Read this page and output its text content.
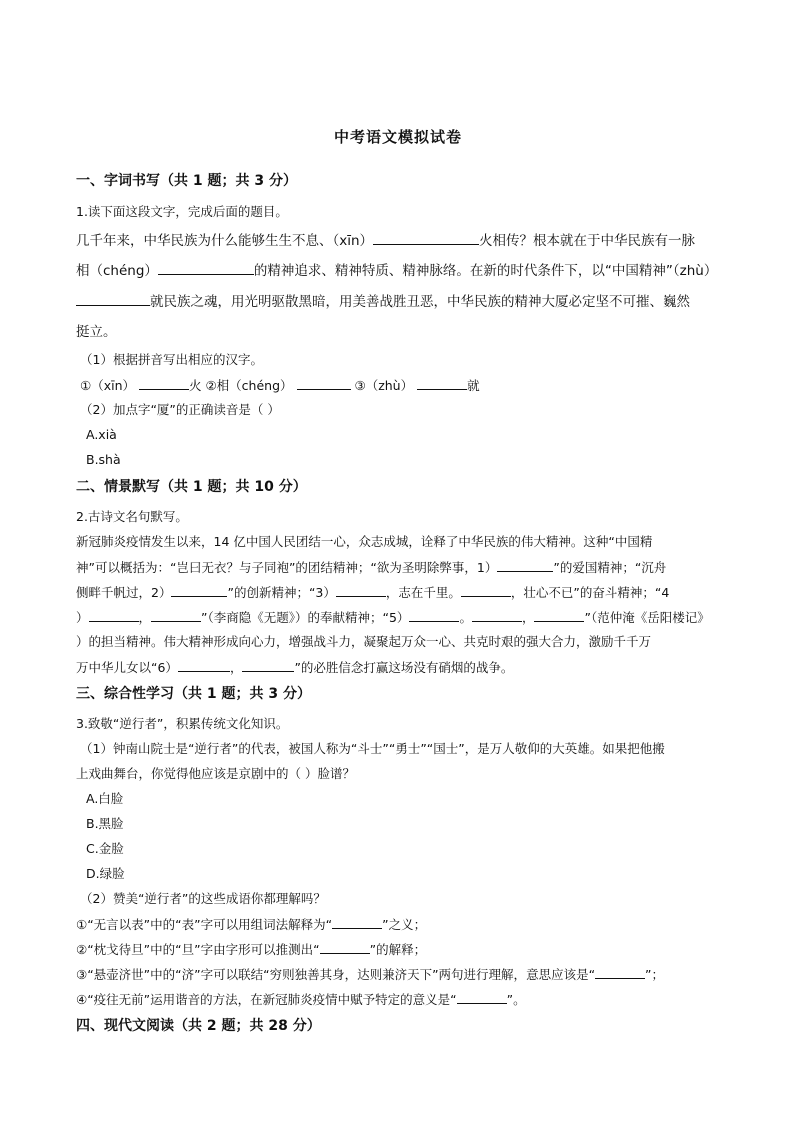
中考语文模拟试卷
一、字词书写（共 1 题；共 3 分）
1.读下面这段文字，完成后面的题目。
几千年来，中华民族为什么能够生生不息、（xīn）	火相传？根本就在于中华民族有一脉
相（chéng）	的精神追求、精神特质、精神脉络。在新的时代条件下，以“中国精神”（zhù）
就民族之魂，用光明驱散黑暗，用美善战胜丑恶，中华民族的精神大厦必定坚不可摧、巍然
挺立。
（1）根据拼音写出相应的汉字。
①（xīn）	火 ②相（chéng）	③（zhù）	就
（2）加点字“厦”的正确读音是（ ）
A.xià
B.shà
二、情景默写（共 1 题；共 10 分）
2.古诗文名句默写。
新冠肺炎疫情发生以来，14 亿中国人民团结一心，众志成城，诠释了中华民族的伟大精神。这种“中国精
神”可以概括为：“岂曰无衣？与子同袍”的团结精神；“欲为圣明除弊事，1）	”的爱国精神；“沉舟
侧畔千帆过，2）	”的创新精神；“3）	，志在千里。	，壮心不已”的奋斗精神；“4
）	，	”（李商隐《无题》）的奉献精神；“5）	。	，	”（范仲淹《岳阳楼记》
）的担当精神。伟大精神形成向心力，增强战斗力，凝聚起万众一心、共克时艰的强大合力，激励千千万
万中华儿女以“6）	，	”的必胜信念打赢这场没有硝烟的战争。
三、综合性学习（共 1 题；共 3 分）
3.致敬“逆行者”，积累传统文化知识。
（1）钟南山院士是“逆行者”的代表，被国人称为“斗士”“勇士”“国士”，是万人敬仰的大英雄。如果把他搬
上戏曲舞台，你觉得他应该是京剧中的（ ）脸谱？
A.白脸
B.黑脸
C.金脸
D.绿脸
（2）赞美“逆行者”的这些成语你都理解吗？
①“无言以表”中的“表”字可以用组词法解释为“	”之义；
②“枕戈待旦”中的“旦”字由字形可以推测出“	”的解释；
③“悬壶济世”中的“济”字可以联结“穷则独善其身，达则兼济天下”两句进行理解，意思应该是“	”；
④“疫往无前”运用谐音的方法，在新冠肺炎疫情中赋予特定的意义是“	”。
四、现代文阅读（共 2 题；共 28 分）
